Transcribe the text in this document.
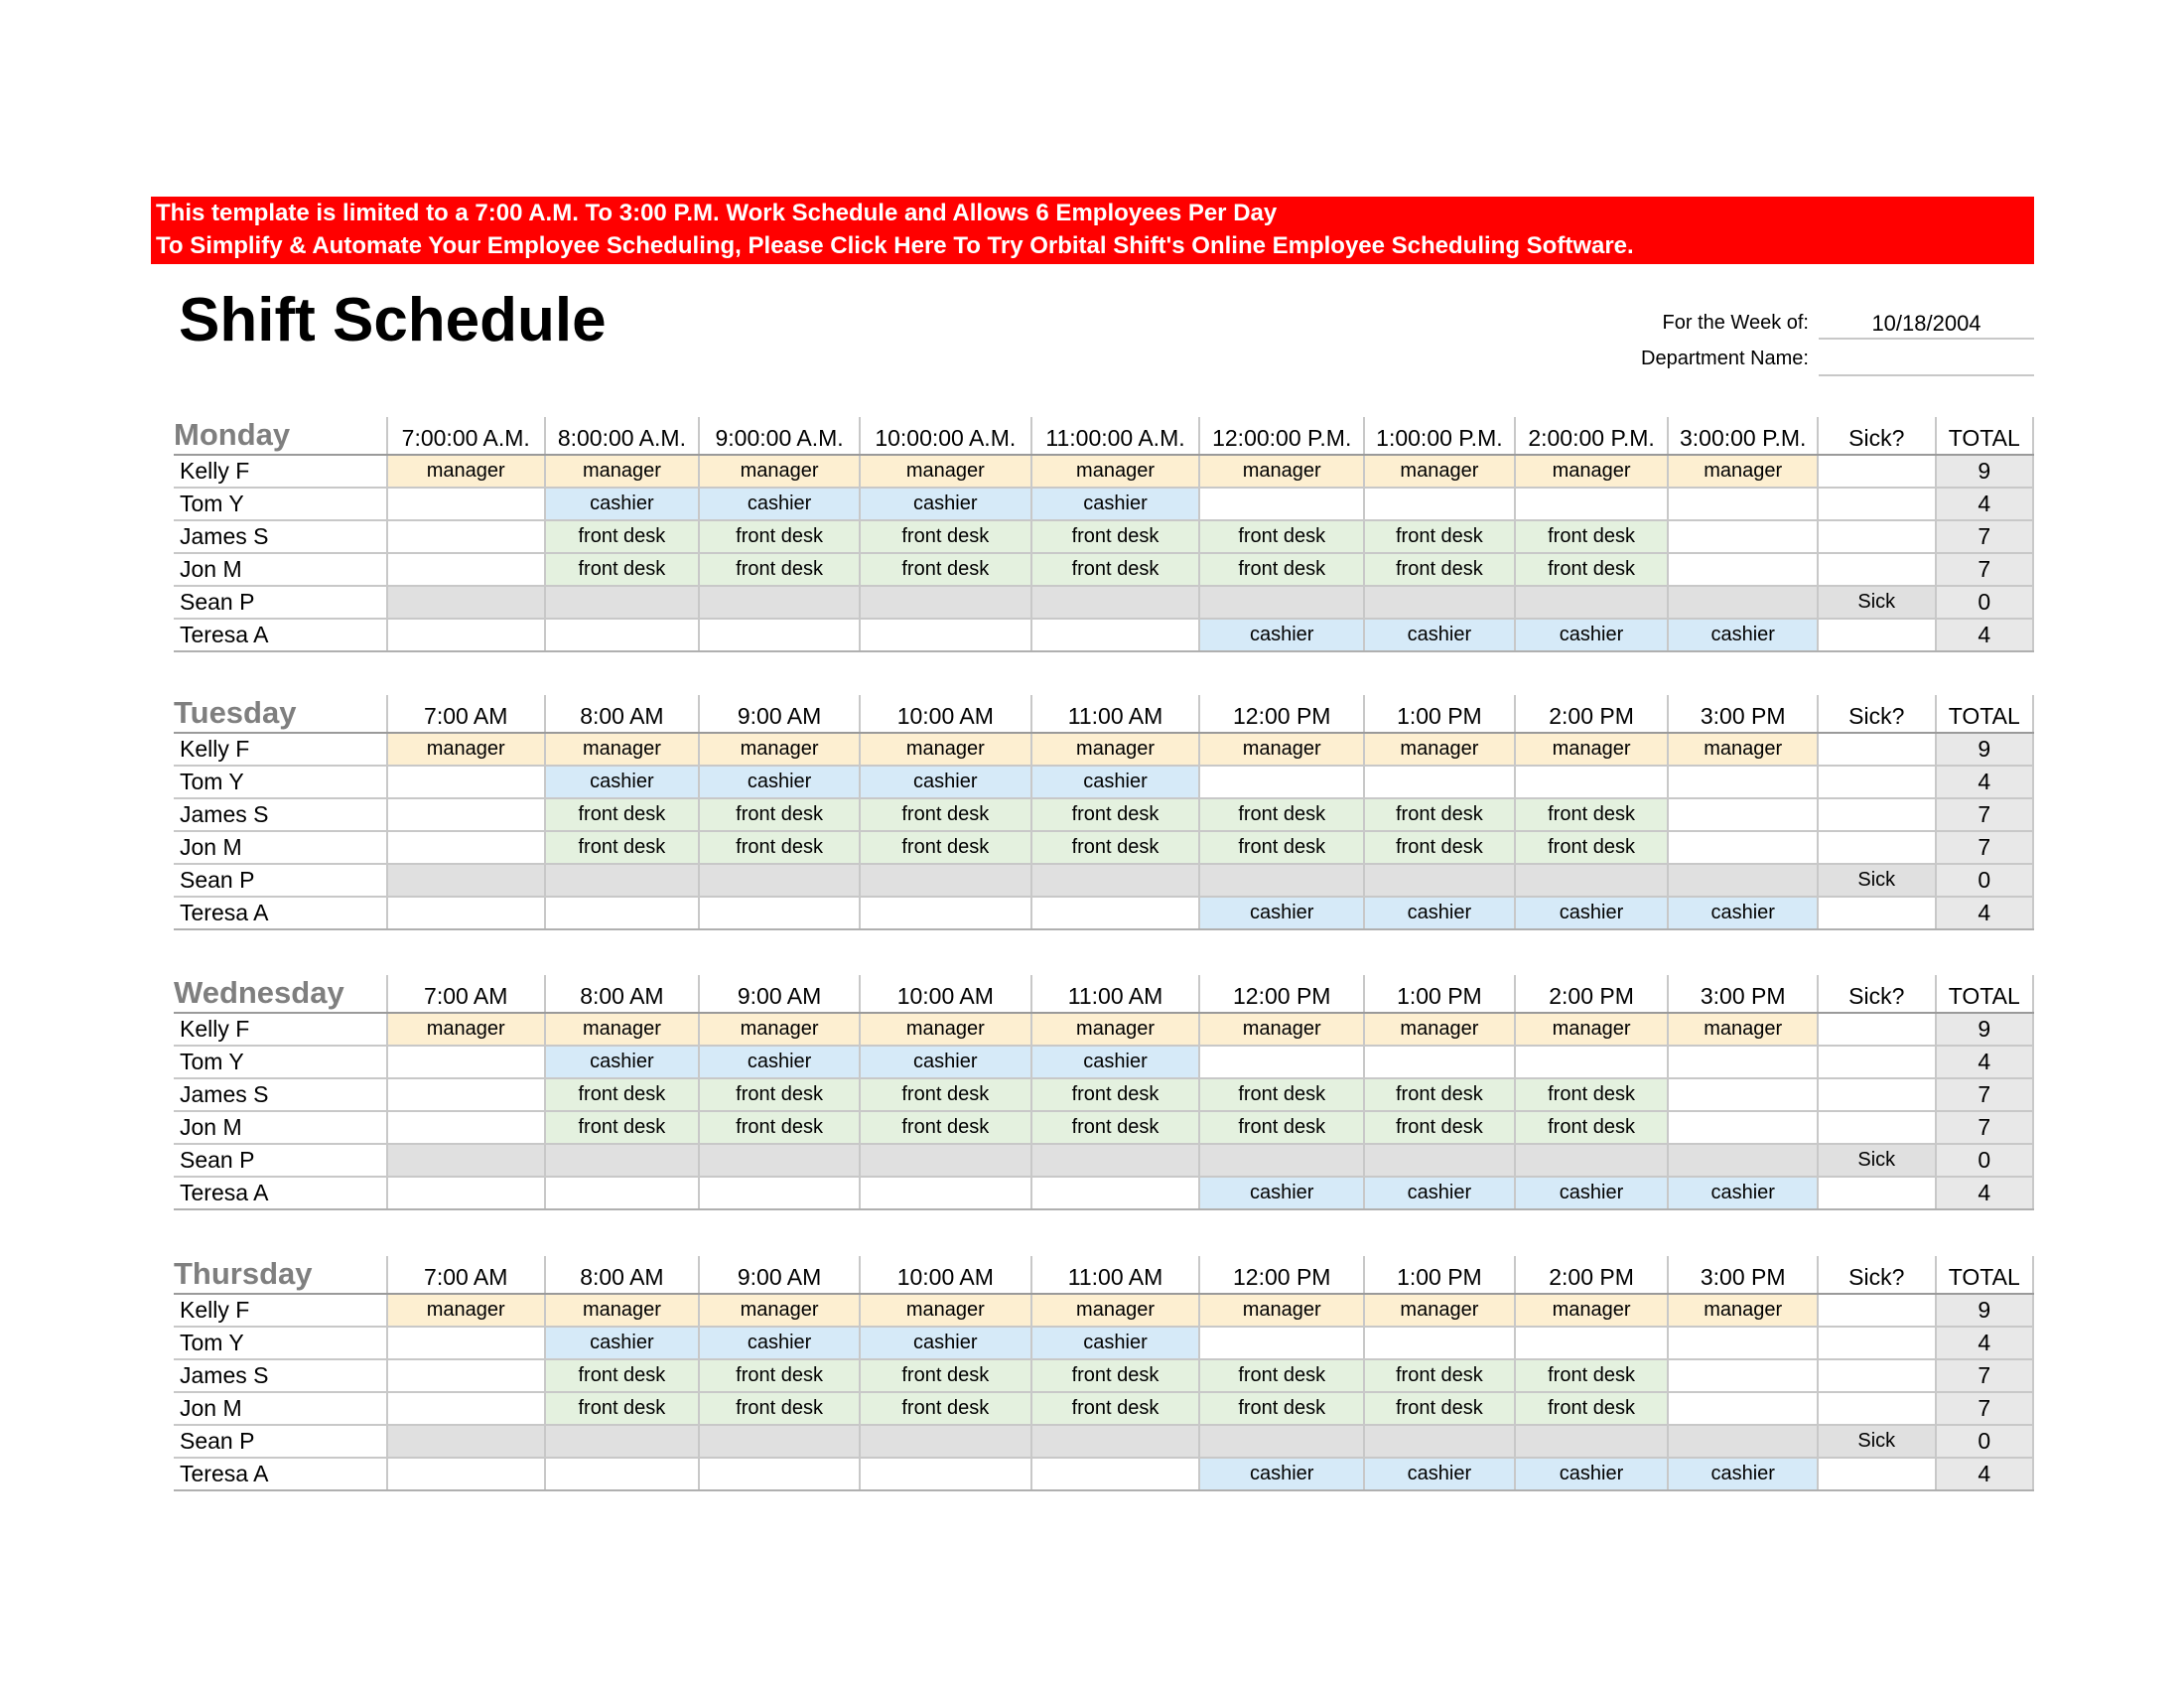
This template is limited to a 7:00 A.M. To 3:00 P.M. Work Schedule and Allows 6 Employees Per Day
To Simplify & Automate Your Employee Scheduling, Please Click Here To Try Orbital Shift's Online Employee Scheduling Software.
Shift Schedule	For the Week of:	10/18/2004
Department Name:
Monday	7:00:00 A.M.	8:00:00 A.M.	9:00:00 A.M.	10:00:00 A.M.	11:00:00 A.M.	12:00:00 P.M.	1:00:00 P.M.	2:00:00 P.M.	3:00:00 P.M.	Sick?	TOTAL
Kelly F	manager	manager	manager	manager	manager	manager	manager	manager	manager		9
Tom Y		cashier	cashier	cashier	cashier						4
James S		front desk	front desk	front desk	front desk	front desk	front desk	front desk			7
Jon M		front desk	front desk	front desk	front desk	front desk	front desk	front desk			7
Sean P										Sick	0
Teresa A						cashier	cashier	cashier	cashier		4
Tuesday	7:00 AM	8:00 AM	9:00 AM	10:00 AM	11:00 AM	12:00 PM	1:00 PM	2:00 PM	3:00 PM	Sick?	TOTAL
Kelly F	manager	manager	manager	manager	manager	manager	manager	manager	manager		9
Tom Y		cashier	cashier	cashier	cashier						4
James S		front desk	front desk	front desk	front desk	front desk	front desk	front desk			7
Jon M		front desk	front desk	front desk	front desk	front desk	front desk	front desk			7
Sean P										Sick	0
Teresa A						cashier	cashier	cashier	cashier		4
Wednesday	7:00 AM	8:00 AM	9:00 AM	10:00 AM	11:00 AM	12:00 PM	1:00 PM	2:00 PM	3:00 PM	Sick?	TOTAL
Kelly F	manager	manager	manager	manager	manager	manager	manager	manager	manager		9
Tom Y		cashier	cashier	cashier	cashier						4
James S		front desk	front desk	front desk	front desk	front desk	front desk	front desk			7
Jon M		front desk	front desk	front desk	front desk	front desk	front desk	front desk			7
Sean P										Sick	0
Teresa A						cashier	cashier	cashier	cashier		4
Thursday	7:00 AM	8:00 AM	9:00 AM	10:00 AM	11:00 AM	12:00 PM	1:00 PM	2:00 PM	3:00 PM	Sick?	TOTAL
Kelly F	manager	manager	manager	manager	manager	manager	manager	manager	manager		9
Tom Y		cashier	cashier	cashier	cashier						4
James S		front desk	front desk	front desk	front desk	front desk	front desk	front desk			7
Jon M		front desk	front desk	front desk	front desk	front desk	front desk	front desk			7
Sean P										Sick	0
Teresa A						cashier	cashier	cashier	cashier		4
